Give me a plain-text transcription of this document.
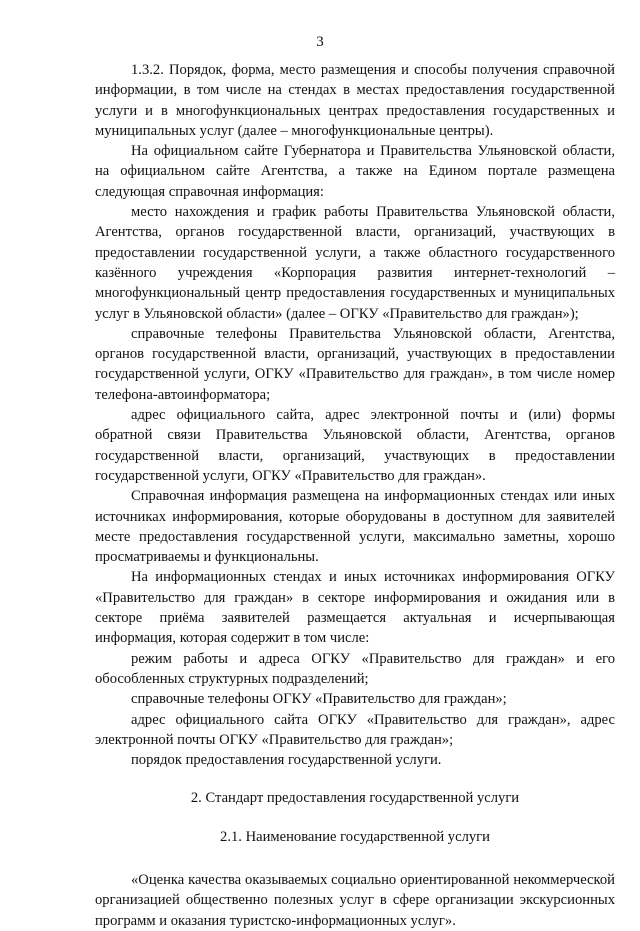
3

1.3.2. Порядок, форма, место размещения и способы получения справочной информации, в том числе на стендах в местах предоставления государственной услуги и в многофункциональных центрах предоставления государственных и муниципальных услуг (далее – многофункциональные центры).

На официальном сайте Губернатора и Правительства Ульяновской области, на официальном сайте Агентства, а также на Едином портале размещена следующая справочная информация:

место нахождения и график работы Правительства Ульяновской области, Агентства, органов государственной власти, организаций, участвующих в предоставлении государственной услуги, а также областного государственного казённого учреждения «Корпорация развития интернет-технологий – многофункциональный центр предоставления государственных и муниципальных услуг в Ульяновской области» (далее – ОГКУ «Правительство для граждан»);

справочные телефоны Правительства Ульяновской области, Агентства, органов государственной власти, организаций, участвующих в предоставлении государственной услуги, ОГКУ «Правительство для граждан», в том числе номер телефона-автоинформатора;

адрес официального сайта, адрес электронной почты и (или) формы обратной связи Правительства Ульяновской области, Агентства, органов государственной власти, организаций, участвующих в предоставлении государственной услуги, ОГКУ «Правительство для граждан».

Справочная информация размещена на информационных стендах или иных источниках информирования, которые оборудованы в доступном для заявителей месте предоставления государственной услуги, максимально заметны, хорошо просматриваемы и функциональны.

На информационных стендах и иных источниках информирования ОГКУ «Правительство для граждан» в секторе информирования и ожидания или в секторе приёма заявителей размещается актуальная и исчерпывающая информация, которая содержит в том числе:

режим работы и адреса ОГКУ «Правительство для граждан» и его обособленных структурных подразделений;

справочные телефоны ОГКУ «Правительство для граждан»;

адрес официального сайта ОГКУ «Правительство для граждан», адрес электронной почты ОГКУ «Правительство для граждан»;

порядок предоставления государственной услуги.

2. Стандарт предоставления государственной услуги

2.1. Наименование государственной услуги

«Оценка качества оказываемых социально ориентированной некоммерческой организацией общественно полезных услуг в сфере организации экскурсионных программ и оказания туристско-информационных услуг».
